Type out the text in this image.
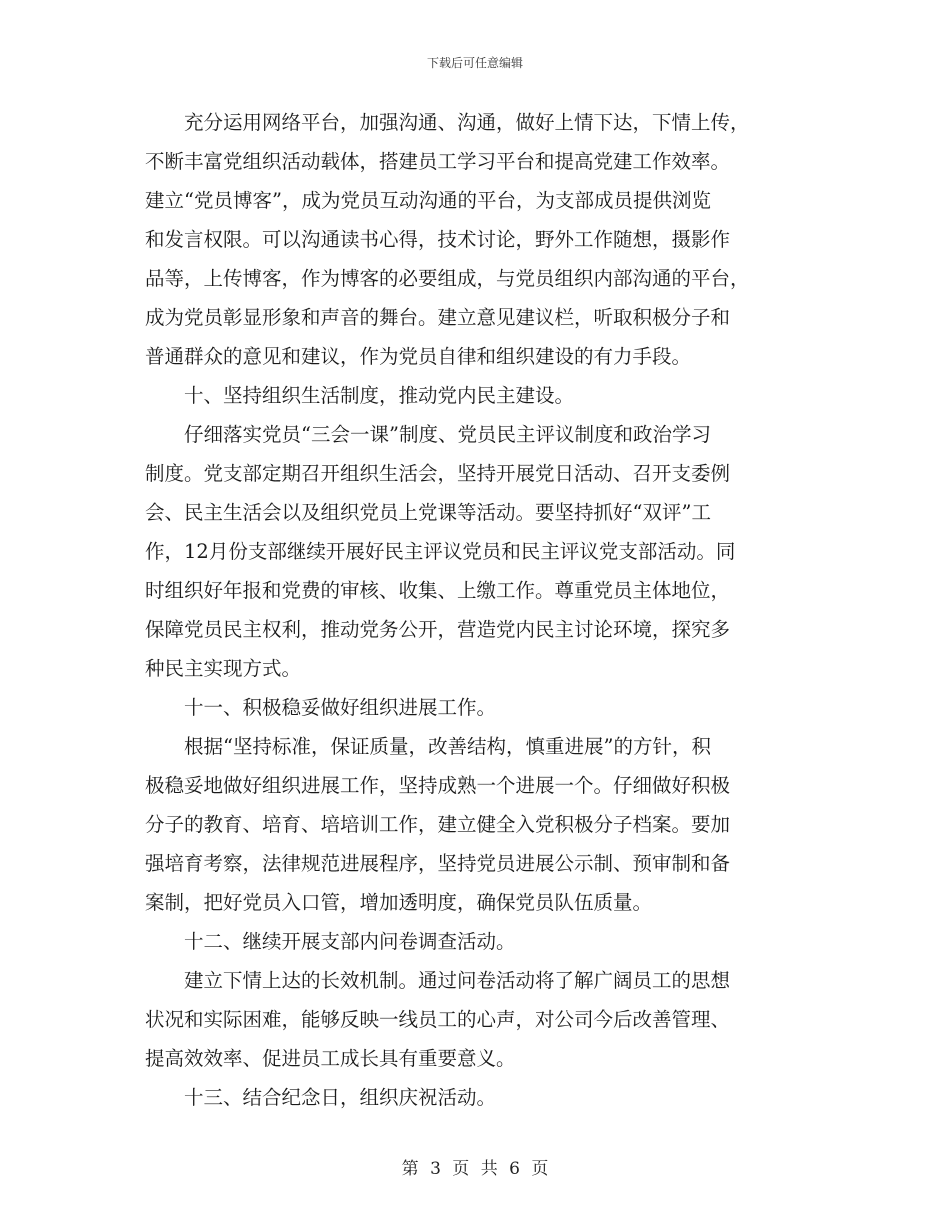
下载后可任意编辑
　　充分运用网络平台，加强沟通、沟通，做好上情下达，下情上传，
不断丰富党组织活动载体，搭建员工学习平台和提高党建工作效率。
建立“党员博客”，成为党员互动沟通的平台，为支部成员提供浏览
和发言权限。可以沟通读书心得，技术讨论，野外工作随想，摄影作
品等，上传博客，作为博客的必要组成，与党员组织内部沟通的平台，
成为党员彰显形象和声音的舞台。建立意见建议栏，听取积极分子和
普通群众的意见和建议，作为党员自律和组织建设的有力手段。
　　十、坚持组织生活制度，推动党内民主建设。
　　仔细落实党员“三会一课”制度、党员民主评议制度和政治学习
制度。党支部定期召开组织生活会，坚持开展党日活动、召开支委例
会、民主生活会以及组织党员上党课等活动。要坚持抓好“双评”工
作，12月份支部继续开展好民主评议党员和民主评议党支部活动。同
时组织好年报和党费的审核、收集、上缴工作。尊重党员主体地位，
保障党员民主权利，推动党务公开，营造党内民主讨论环境，探究多
种民主实现方式。
　　十一、积极稳妥做好组织进展工作。
　　根据“坚持标准，保证质量，改善结构，慎重进展”的方针，积
极稳妥地做好组织进展工作，坚持成熟一个进展一个。仔细做好积极
分子的教育、培育、培培训工作，建立健全入党积极分子档案。要加
强培育考察，法律规范进展程序，坚持党员进展公示制、预审制和备
案制，把好党员入口管，增加透明度，确保党员队伍质量。
　　十二、继续开展支部内问卷调查活动。
　　建立下情上达的长效机制。通过问卷活动将了解广阔员工的思想
状况和实际困难，能够反映一线员工的心声，对公司今后改善管理、
提高效效率、促进员工成长具有重要意义。
　　十三、结合纪念日，组织庆祝活动。
第 3 页 共 6 页
